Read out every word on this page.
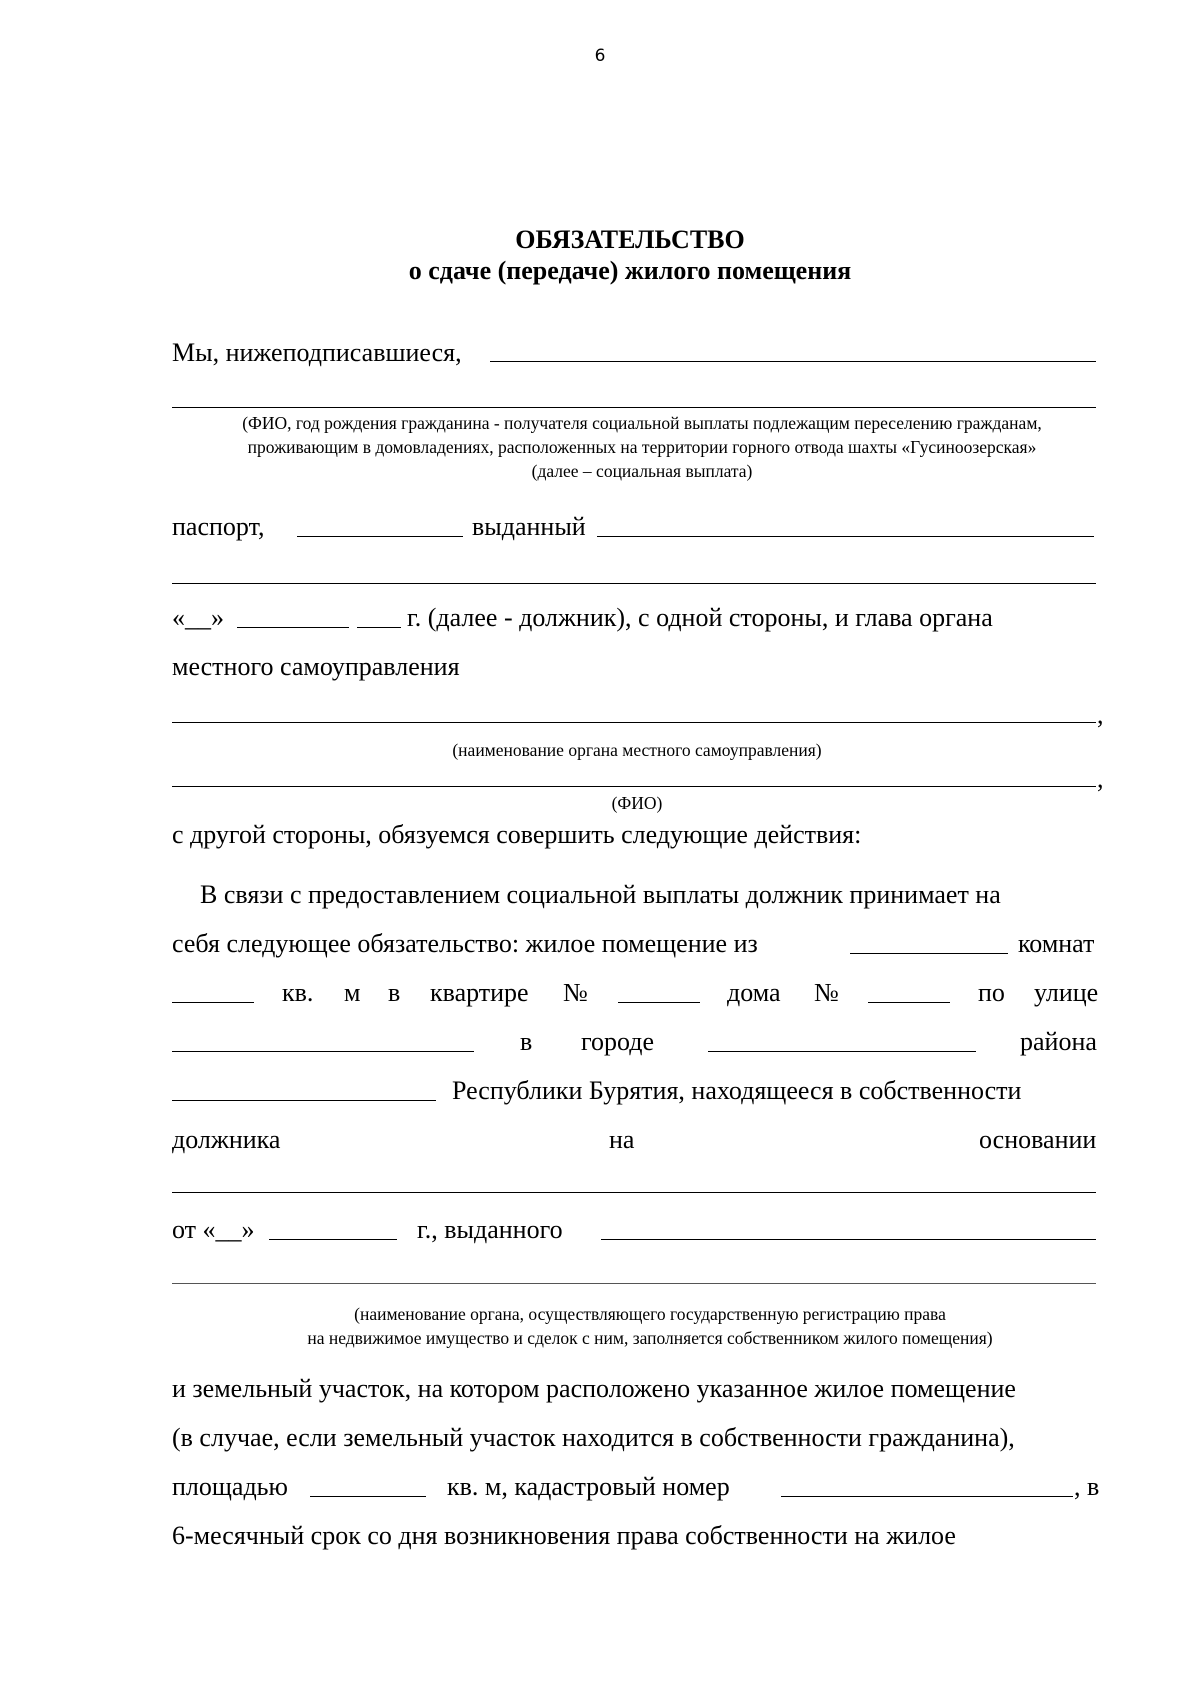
6
ОБЯЗАТЕЛЬСТВО
о сдаче (передаче) жилого помещения
Мы, нижеподписавшиеся,
(ФИО, год рождения гражданина - получателя социальной выплаты подлежащим переселению гражданам,
проживающим в домовладениях, расположенных на территории горного отвода шахты «Гусиноозерская»
(далее – социальная выплата)
паспорт,	выданный
«__»	г. (далее - должник), с одной стороны, и глава органа
местного самоуправления
,
(наименование органа местного самоуправления)
,
(ФИО)
с другой стороны, обязуемся совершить следующие действия:
В связи с предоставлением социальной выплаты должник принимает на
себя следующее обязательство: жилое помещение из	комнат
кв. м в квартире №	дома №	по улице
в городе	района
Республики Бурятия, находящееся в собственности
должника	на	основании
от «__»	г., выданного
(наименование органа, осуществляющего государственную регистрацию права
на недвижимое имущество и сделок с ним, заполняется собственником жилого помещения)
и земельный участок, на котором расположено указанное жилое помещение
(в случае, если земельный участок находится в собственности гражданина),
площадью	кв. м, кадастровый номер	, в
6-месячный срок со дня возникновения права собственности на жилое
